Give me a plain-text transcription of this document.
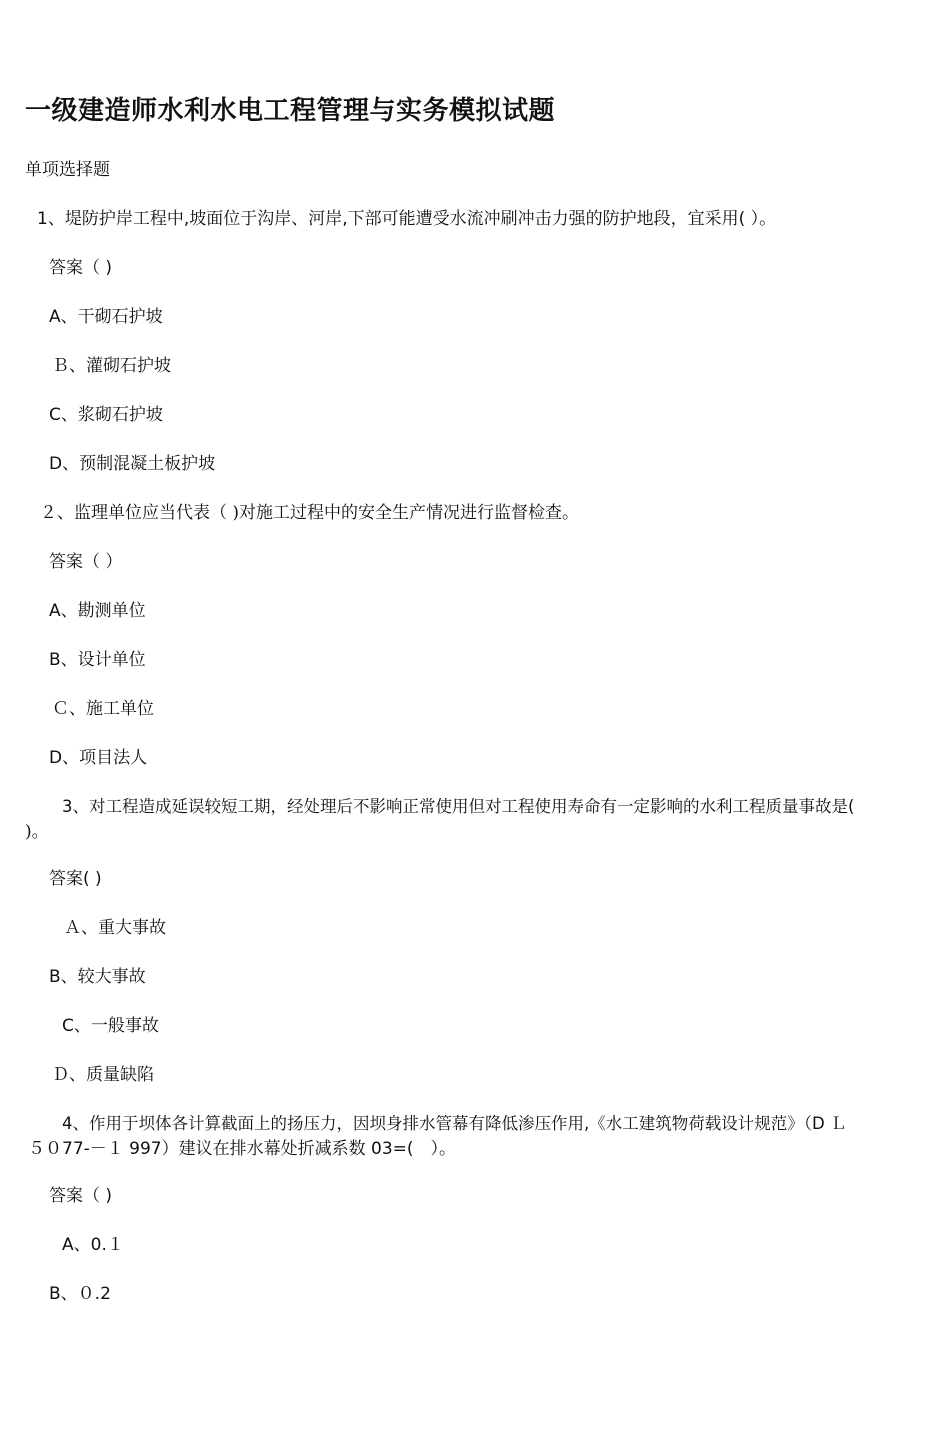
一级建造师水利水电工程管理与实务模拟试题
单项选择题
1、堤防护岸工程中,坡面位于沟岸、河岸,下部可能遭受水流冲刷冲击力强的防护地段，宜采用( ）。
答案（ )
A、干砌石护坡
Ｂ、灌砌石护坡
C、浆砌石护坡
D、预制混凝土板护坡
２、监理单位应当代表（ )对施工过程中的安全生产情况进行监督检查。
答案（ ）
A、勘测单位
B、设计单位
Ｃ、施工单位
D、项目法人
3、对工程造成延误较短工期，经处理后不影响正常使用但对工程使用寿命有一定影响的水利工程质量事故是(
)。
答案( )
Ａ、重大事故
B、较大事故
C、一般事故
Ｄ、质量缺陷
4、作用于坝体各计算截面上的扬压力，因坝身排水管幕有降低渗压作用,《水工建筑物荷载设计规范》（D Ｌ
５０77-－１ 997）建议在排水幕处折减系数 03=(　）。
答案（ )
A、0.１
B、０.2
